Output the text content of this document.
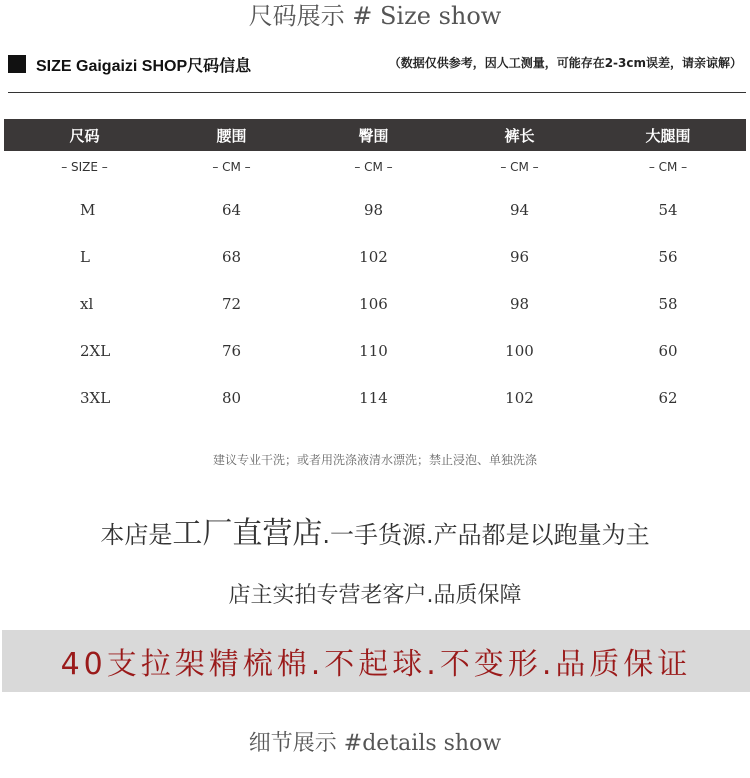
尺码展示 # Size show
SIZE Gaigaizi SHOP尺码信息	（数据仅供参考，因人工测量，可能存在2-3cm误差，请亲谅解）
尺码	腰围	臀围	裤长	大腿围
– SIZE –	– CM –	– CM –	– CM –	– CM –
M	64	98	94	54
L	68	102	96	56
xl	72	106	98	58
2XL	76	110	100	60
3XL	80	114	102	62
建议专业干洗；或者用洗涤液清水漂洗；禁止浸泡、单独洗涤
本店是工厂直营店.一手货源.产品都是以跑量为主
店主实拍专营老客户.品质保障
40支拉架精梳棉.不起球.不变形.品质保证
细节展示 #details show
